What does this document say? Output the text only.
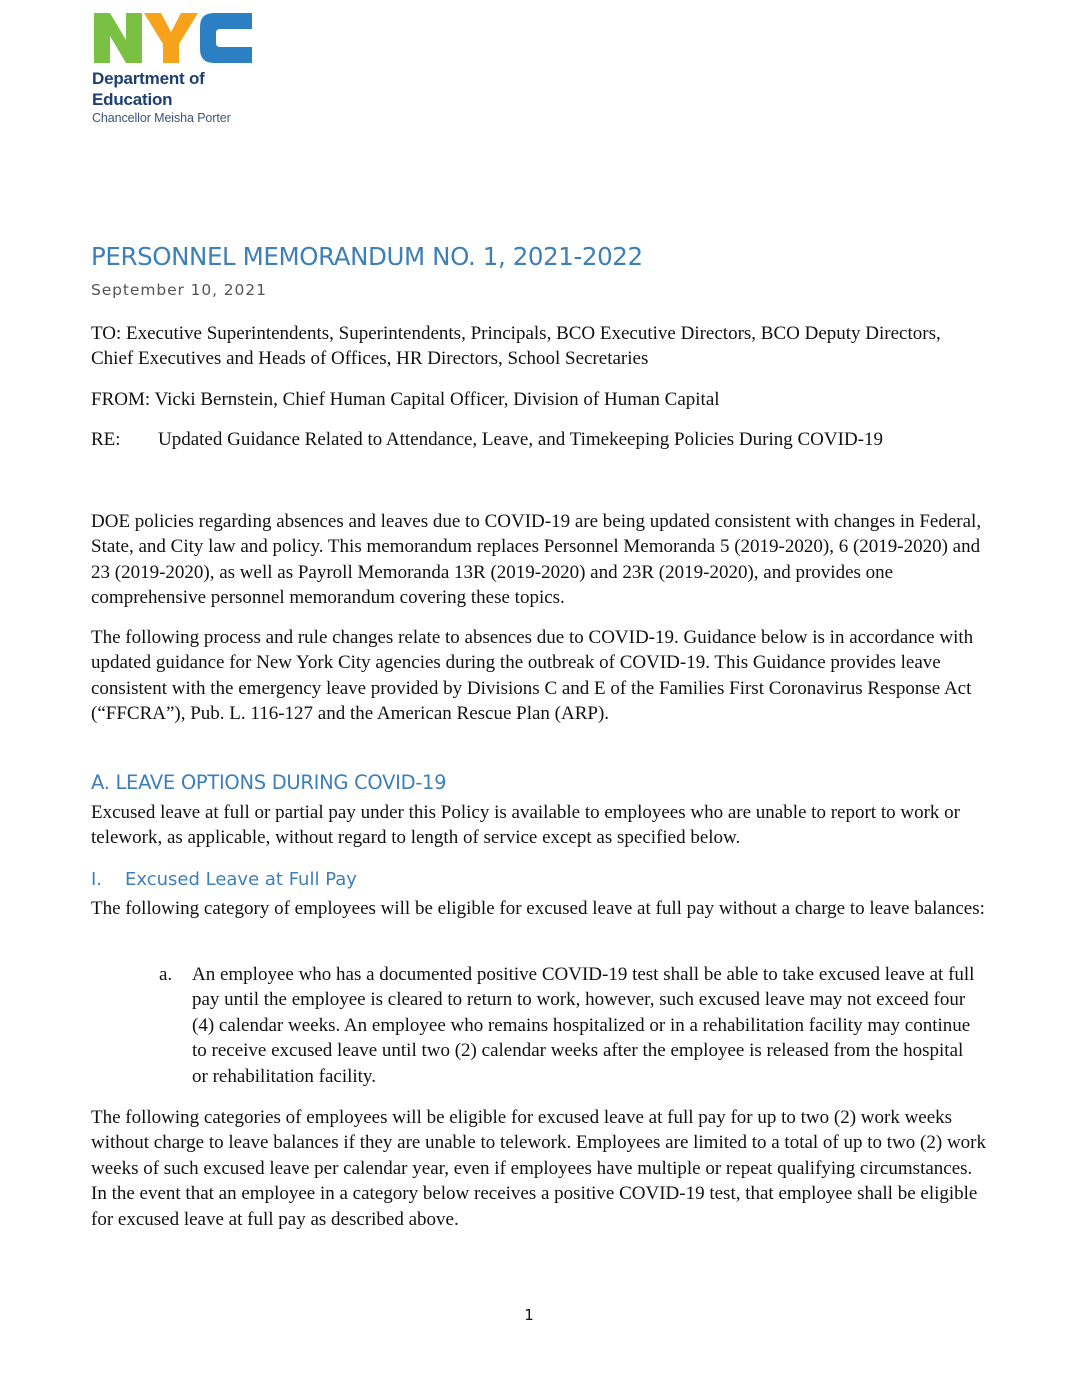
Department of
Education
Chancellor Meisha Porter
PERSONNEL MEMORANDUM NO. 1, 2021-2022
September 10, 2021

TO: Executive Superintendents, Superintendents, Principals, BCO Executive Directors, BCO Deputy Directors, Chief Executives and Heads of Offices, HR Directors, School Secretaries

FROM: Vicki Bernstein, Chief Human Capital Officer, Division of Human Capital

RE: Updated Guidance Related to Attendance, Leave, and Timekeeping Policies During COVID-19

DOE policies regarding absences and leaves due to COVID-19 are being updated consistent with changes in Federal, State, and City law and policy. This memorandum replaces Personnel Memoranda 5 (2019-2020), 6 (2019-2020) and 23 (2019-2020), as well as Payroll Memoranda 13R (2019-2020) and 23R (2019-2020), and provides one comprehensive personnel memorandum covering these topics.

The following process and rule changes relate to absences due to COVID-19. Guidance below is in accordance with updated guidance for New York City agencies during the outbreak of COVID-19. This Guidance provides leave consistent with the emergency leave provided by Divisions C and E of the Families First Coronavirus Response Act (“FFCRA”), Pub. L. 116-127 and the American Rescue Plan (ARP).

A. LEAVE OPTIONS DURING COVID-19

Excused leave at full or partial pay under this Policy is available to employees who are unable to report to work or telework, as applicable, without regard to length of service except as specified below.

I. Excused Leave at Full Pay

The following category of employees will be eligible for excused leave at full pay without a charge to leave balances:

a. An employee who has a documented positive COVID-19 test shall be able to take excused leave at full pay until the employee is cleared to return to work, however, such excused leave may not exceed four (4) calendar weeks. An employee who remains hospitalized or in a rehabilitation facility may continue to receive excused leave until two (2) calendar weeks after the employee is released from the hospital or rehabilitation facility.

The following categories of employees will be eligible for excused leave at full pay for up to two (2) work weeks without charge to leave balances if they are unable to telework. Employees are limited to a total of up to two (2) work weeks of such excused leave per calendar year, even if employees have multiple or repeat qualifying circumstances. In the event that an employee in a category below receives a positive COVID-19 test, that employee shall be eligible for excused leave at full pay as described above.

1
